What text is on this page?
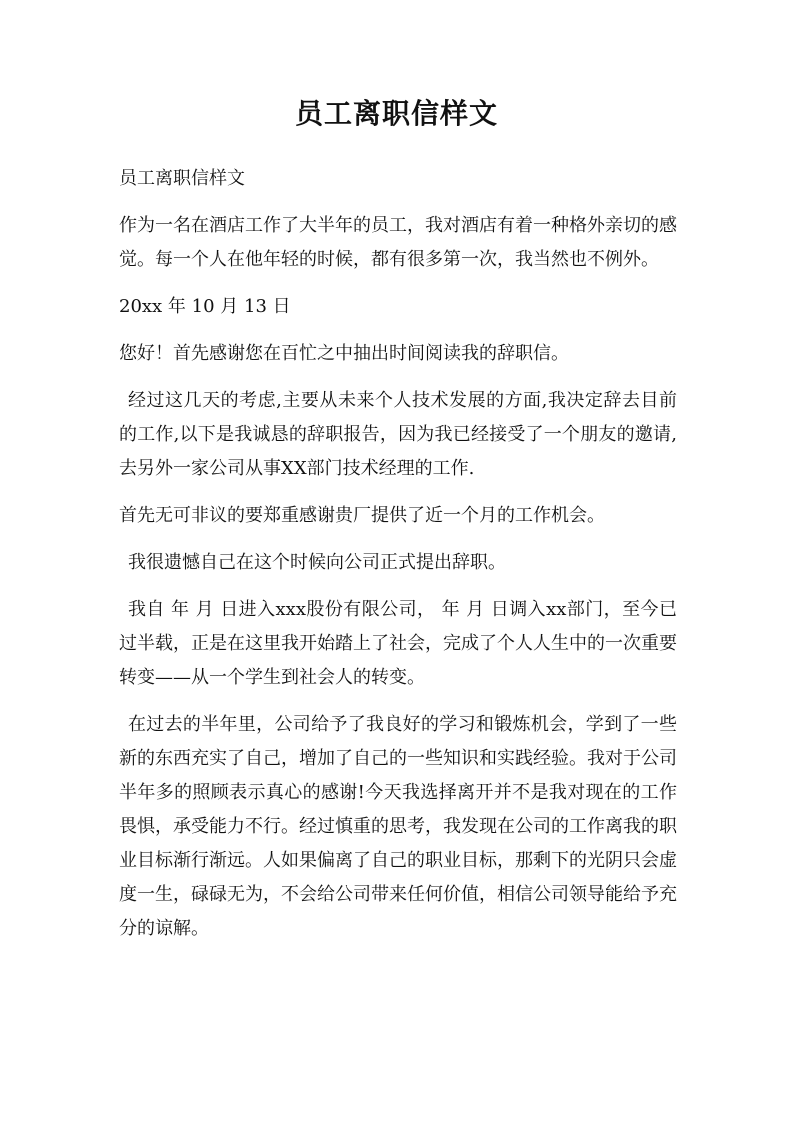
员工离职信样文

员工离职信样文

作为一名在酒店工作了大半年的员工，我对酒店有着一种格外亲切的感觉。每一个人在他年轻的时候，都有很多第一次，我当然也不例外。

20xx 年 10 月 13 日

您好！首先感谢您在百忙之中抽出时间阅读我的辞职信。

经过这几天的考虑,主要从未来个人技术发展的方面,我决定辞去目前的工作,以下是我诚恳的辞职报告，因为我已经接受了一个朋友的邀请,去另外一家公司从事XX部门技术经理的工作.

首先无可非议的要郑重感谢贵厂提供了近一个月的工作机会。

我很遗憾自己在这个时候向公司正式提出辞职。

我自 年 月 日进入xxx股份有限公司， 年 月 日调入xx部门，至今已过半载，正是在这里我开始踏上了社会，完成了个人人生中的一次重要转变——从一个学生到社会人的转变。

在过去的半年里，公司给予了我良好的学习和锻炼机会，学到了一些新的东西充实了自己，增加了自己的一些知识和实践经验。我对于公司半年多的照顾表示真心的感谢!今天我选择离开并不是我对现在的工作畏惧，承受能力不行。经过慎重的思考，我发现在公司的工作离我的职业目标渐行渐远。人如果偏离了自己的职业目标，那剩下的光阴只会虚度一生，碌碌无为，不会给公司带来任何价值，相信公司领导能给予充分的谅解。
